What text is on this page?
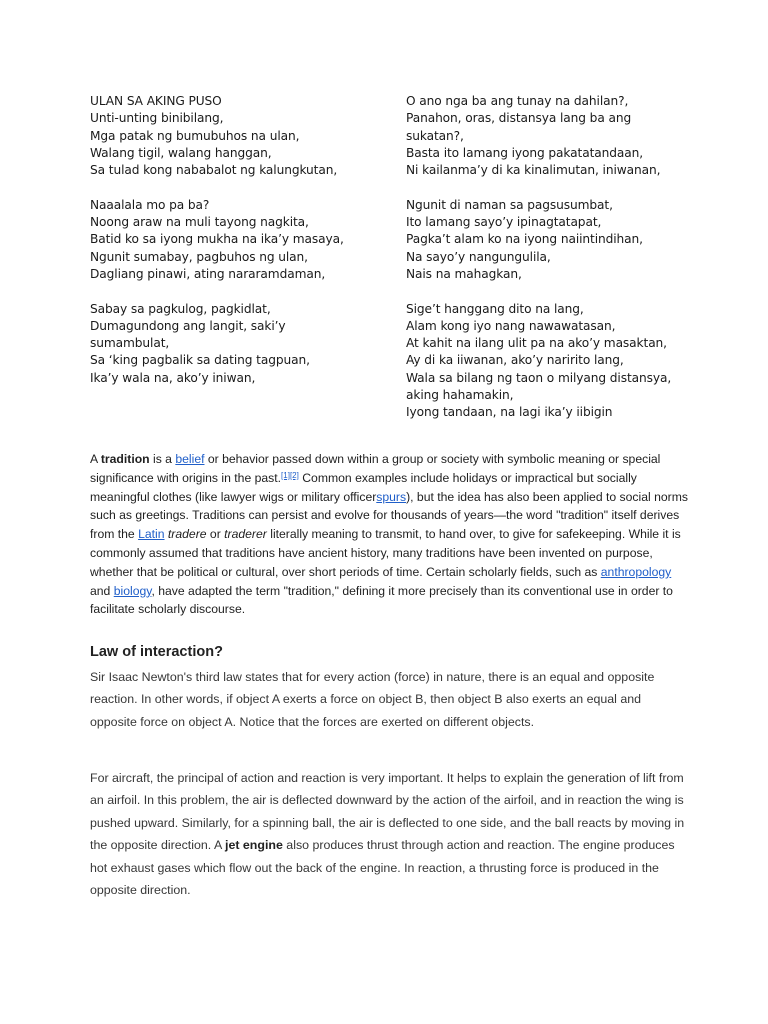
ULAN SA AKING PUSO
Unti-unting binibilang,
Mga patak ng bumubuhos na ulan,
Walang tigil, walang hanggan,
Sa tulad kong nababalot ng kalungkutan,
Naaalala mo pa ba?
Noong araw na muli tayong nagkita,
Batid ko sa iyong mukha na ika’y masaya,
Ngunit sumabay, pagbuhos ng ulan,
Dagliang pinawi, ating nararamdaman,
Sabay sa pagkulog, pagkidlat,
Dumagundong ang langit, saki’y sumambulat,
Sa ‘king pagbalik sa dating tagpuan,
Ika’y wala na, ako’y iniwan,
O ano nga ba ang tunay na dahilan?,
Panahon, oras, distansya lang ba ang sukatan?,
Basta ito lamang iyong pakatatandaan,
Ni kailanma’y di ka kinalimutan, iniwanan,
Ngunit di naman sa pagsusumbat,
Ito lamang sayo’y ipinagtatapat,
Pagka’t alam ko na iyong naiintindihan,
Na sayo’y nangungulila,
Nais na mahagkan,
Sige’t hanggang dito na lang,
Alam kong iyo nang nawawatasan,
At kahit na ilang ulit pa na ako’y masaktan,
Ay di ka iiwanan, ako’y naririto lang,
Wala sa bilang ng taon o milyang distansya, aking hahamakin,
Iyong tandaan, na lagi ika’y iibigin

A tradition is a belief or behavior passed down within a group or society with symbolic meaning or special significance with origins in the past.[1][2] Common examples include holidays or impractical but socially meaningful clothes (like lawyer wigs or military officerspurs), but the idea has also been applied to social norms such as greetings. Traditions can persist and evolve for thousands of years—the word "tradition" itself derives from the Latin tradere or traderer literally meaning to transmit, to hand over, to give for safekeeping. While it is commonly assumed that traditions have ancient history, many traditions have been invented on purpose, whether that be political or cultural, over short periods of time. Certain scholarly fields, such as anthropology and biology, have adapted the term "tradition," defining it more precisely than its conventional use in order to facilitate scholarly discourse.

Law of interaction?

Sir Isaac Newton's third law states that for every action (force) in nature, there is an equal and opposite reaction. In other words, if object A exerts a force on object B, then object B also exerts an equal and opposite force on object A. Notice that the forces are exerted on different objects.

For aircraft, the principal of action and reaction is very important. It helps to explain the generation of lift from an airfoil. In this problem, the air is deflected downward by the action of the airfoil, and in reaction the wing is pushed upward. Similarly, for a spinning ball, the air is deflected to one side, and the ball reacts by moving in the opposite direction. A jet engine also produces thrust through action and reaction. The engine produces hot exhaust gases which flow out the back of the engine. In reaction, a thrusting force is produced in the opposite direction.
